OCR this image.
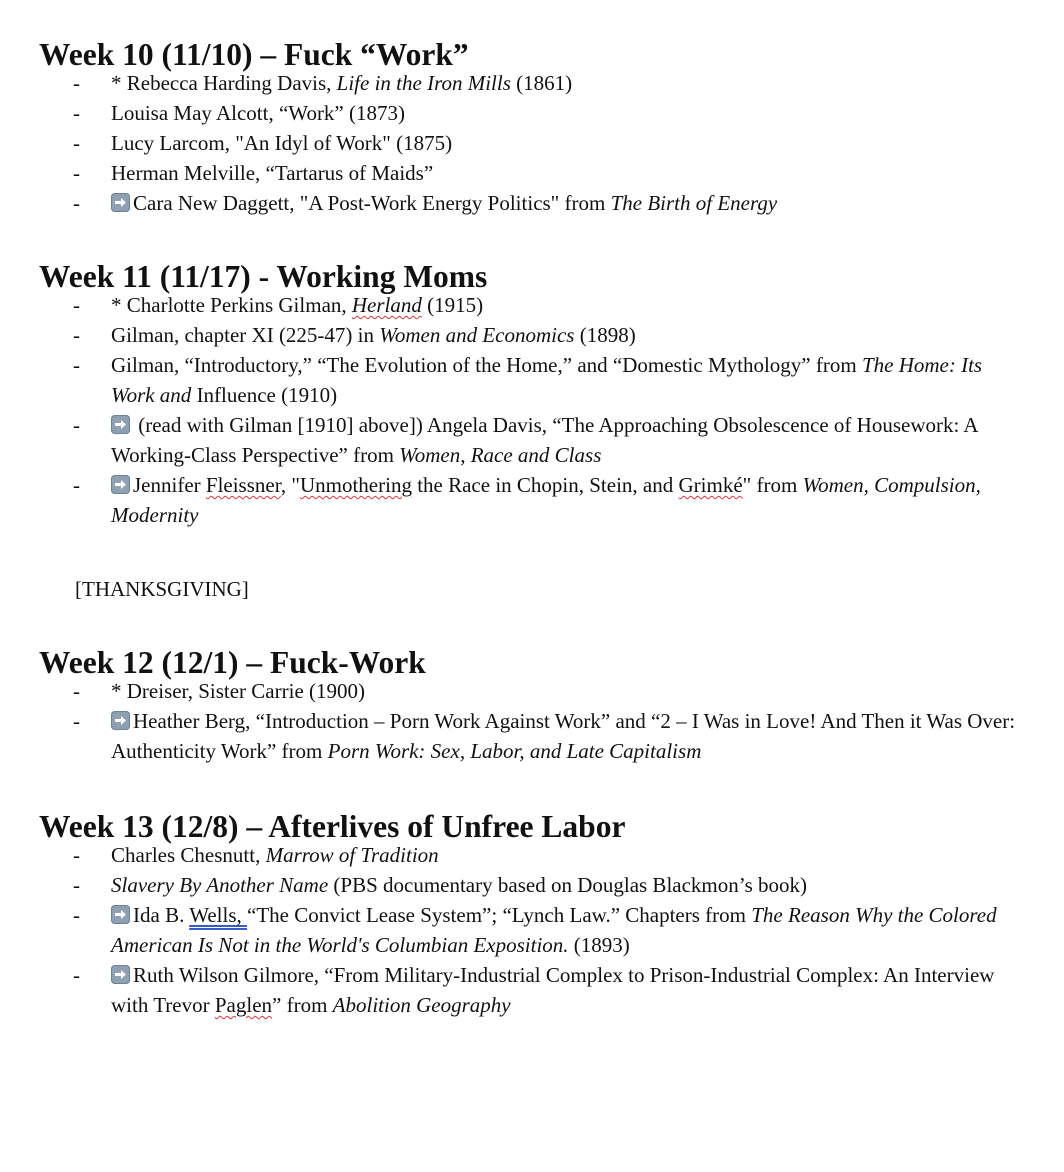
Week 10 (11/10) – Fuck “Work”
- * Rebecca Harding Davis, Life in the Iron Mills (1861)
- Louisa May Alcott, “Work” (1873)
- Lucy Larcom, "An Idyl of Work" (1875)
- Herman Melville, “Tartarus of Maids”
-	Cara New Daggett, "A Post-Work Energy Politics" from The Birth of Energy
Week 11 (11/17) - Working Moms
- * Charlotte Perkins Gilman, Herland (1915)
- Gilman, chapter XI (225-47) in Women and Economics (1898)
- Gilman, “Introductory,” “The Evolution of the Home,” and “Domestic Mythology” from The Home: Its Work and Influence (1910)
-	(read with Gilman [1910] above]) Angela Davis, “The Approaching Obsolescence of Housework: A Working-Class Perspective” from Women, Race and Class
-	Jennifer Fleissner, "Unmothering the Race in Chopin, Stein, and Grimké" from Women, Compulsion, Modernity
[THANKSGIVING]
Week 12 (12/1) – Fuck-Work
- * Dreiser, Sister Carrie (1900)
-	Heather Berg, “Introduction – Porn Work Against Work” and “2 – I Was in Love! And Then it Was Over: Authenticity Work” from Porn Work: Sex, Labor, and Late Capitalism
Week 13 (12/8) – Afterlives of Unfree Labor
- Charles Chesnutt, Marrow of Tradition
- Slavery By Another Name (PBS documentary based on Douglas Blackmon’s book)
-	Ida B. Wells, “The Convict Lease System”; “Lynch Law.” Chapters from The Reason Why the Colored American Is Not in the World's Columbian Exposition. (1893)
-	Ruth Wilson Gilmore, “From Military-Industrial Complex to Prison-Industrial Complex: An Interview with Trevor Paglen” from Abolition Geography
